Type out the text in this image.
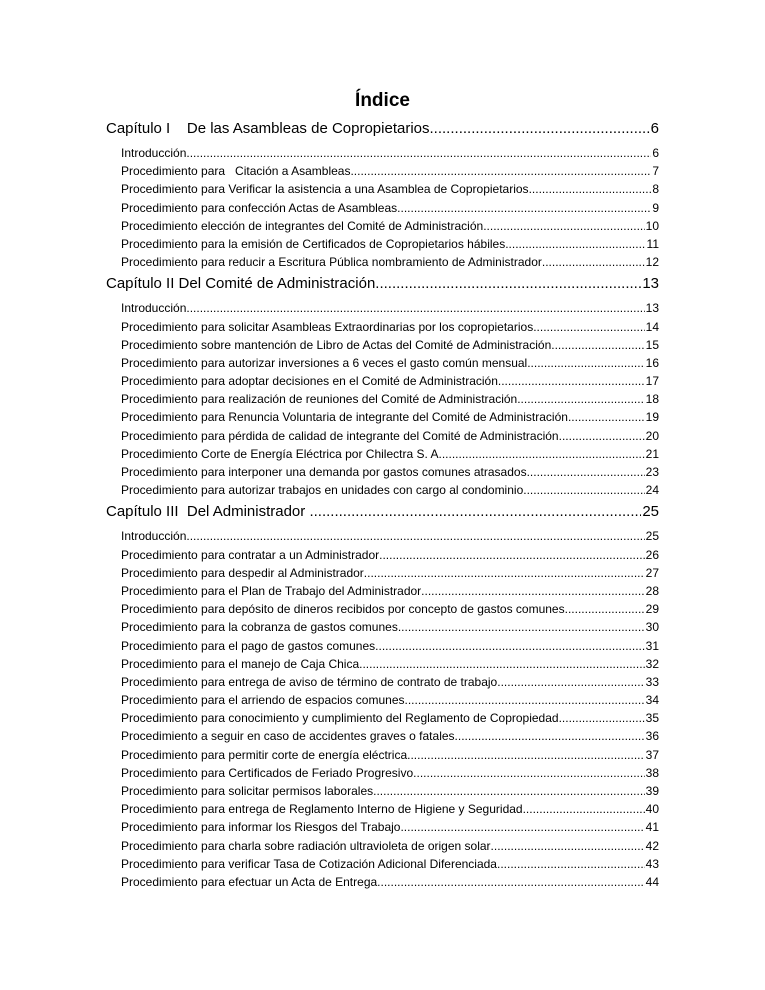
Índice
Capítulo I    De las Asambleas de Copropietarios .....	6
Introducción .....	6
Procedimiento para   Citación a Asambleas .....	7
Procedimiento para Verificar la asistencia a una Asamblea de Copropietarios .....	8
Procedimiento para confección Actas de Asambleas .....	9
Procedimiento elección de integrantes del Comité de Administración .....	10
Procedimiento para la emisión de Certificados de Copropietarios hábiles .....	11
Procedimiento para reducir a Escritura Pública nombramiento de Administrador .....	12
Capítulo II Del Comité de Administración .....	13
Introducción .....	13
Procedimiento para solicitar Asambleas Extraordinarias por los copropietarios .....	14
Procedimiento sobre mantención de Libro de Actas del Comité de Administración .....	15
Procedimiento para autorizar inversiones a 6 veces el gasto común mensual .....	16
Procedimiento para adoptar decisiones en el Comité de Administración .....	17
Procedimiento para realización de reuniones del Comité de Administración .....	18
Procedimiento para Renuncia Voluntaria de integrante del Comité de Administración .....	19
Procedimiento para pérdida de calidad de integrante del Comité de Administración .....	20
Procedimiento Corte de Energía Eléctrica por Chilectra S. A. .....	21
Procedimiento para interponer una demanda por gastos comunes atrasados .....	23
Procedimiento para autorizar trabajos en unidades con cargo al condominio .....	24
Capítulo III  Del Administrador .....	25
Introducción .....	25
Procedimiento para contratar a un Administrador .....	26
Procedimiento para despedir al Administrador .....	27
Procedimiento para el Plan de Trabajo del Administrador .....	28
Procedimiento para depósito de dineros recibidos por concepto de gastos comunes .....	29
Procedimiento para la cobranza de gastos comunes .....	30
Procedimiento para el pago de gastos comunes .....	31
Procedimiento para el manejo de Caja Chica .....	32
Procedimiento para entrega de aviso de término de contrato de trabajo .....	33
Procedimiento para el arriendo de espacios comunes .....	34
Procedimiento para conocimiento y cumplimiento del Reglamento de Copropiedad .....	35
Procedimiento a seguir en caso de accidentes graves o fatales .....	36
Procedimiento para permitir corte de energía eléctrica .....	37
Procedimiento para Certificados de Feriado Progresivo .....	38
Procedimiento para solicitar permisos laborales .....	39
Procedimiento para entrega de Reglamento Interno de Higiene y Seguridad .....	40
Procedimiento para informar los Riesgos del Trabajo .....	41
Procedimiento para charla sobre radiación ultravioleta de origen solar .....	42
Procedimiento para verificar Tasa de Cotización Adicional Diferenciada .....	43
Procedimiento para efectuar un Acta de Entrega .....	44
